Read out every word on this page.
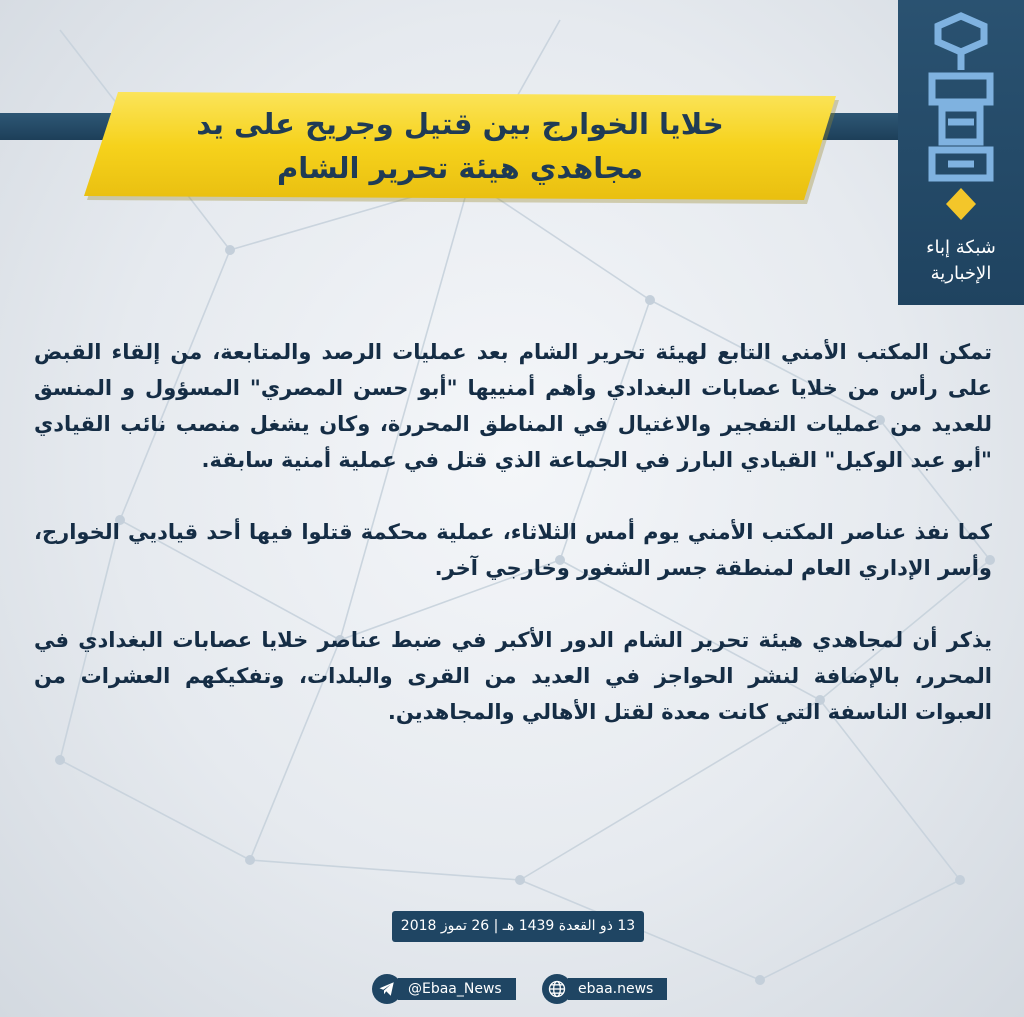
خلايا الخوارج بين قتيل وجريح على يد
مجاهدي هيئة تحرير الشام
شبكة إباء
الإخبارية

تمكن المكتب الأمني التابع لهيئة تحرير الشام بعد عمليات الرصد والمتابعة، من إلقاء القبض على رأس من خلايا عصابات البغدادي وأهم أمنييها "أبو حسن المصري" المسؤول و المنسق للعديد من عمليات التفجير والاغتيال في المناطق المحررة، وكان يشغل منصب نائب القيادي "أبو عبد الوكيل" القيادي البارز في الجماعة الذي قتل في عملية أمنية سابقة.

كما نفذ عناصر المكتب الأمني يوم أمس الثلاثاء، عملية محكمة قتلوا فيها أحد قياديي الخوارج، وأسر الإداري العام لمنطقة جسر الشغور وخارجي آخر.

يذكر أن لمجاهدي هيئة تحرير الشام الدور الأكبر في ضبط عناصر خلايا عصابات البغدادي في المحرر، بالإضافة لنشر الحواجز في العديد من القرى والبلدات، وتفكيكهم العشرات من العبوات الناسفة التي كانت معدة لقتل الأهالي والمجاهدين.

13 ذو القعدة 1439 هـ | 26 تموز 2018
@Ebaa_News	ebaa.news
